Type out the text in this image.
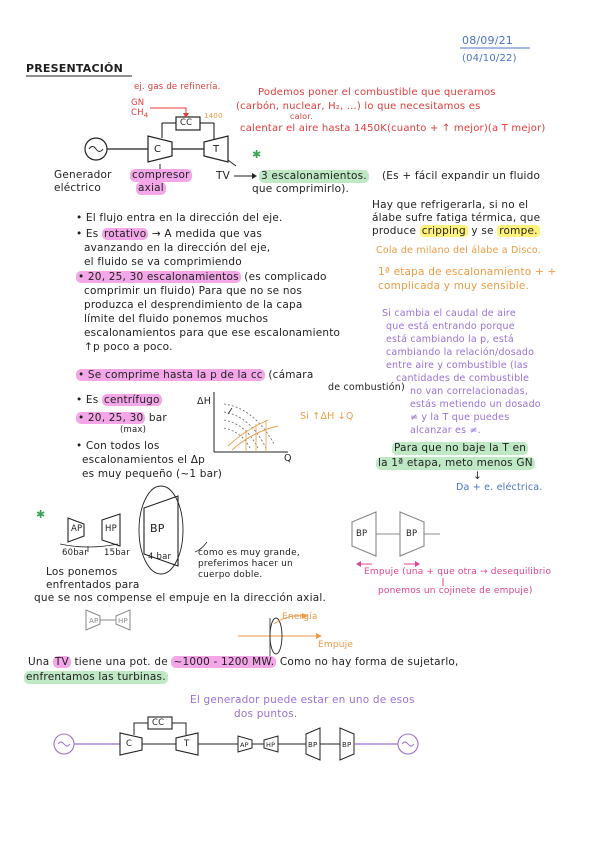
✱
✱
08/09/21
(04/10/22)
PRESENTACIÓN
ej. gas de refinería.
GN
$CH_4$
CC
1400
Podemos poner el combustible que queramos
(carbón, nuclear, H₂, ...) lo que necesitamos es
calor.
calentar el aire hasta 1450K(cuanto + ↑ mejor)(a T mejor)
Generador
eléctrico
C	T
compresor
axial
TV	3 escalonamientos. (Es + fácil expandir un fluido
que comprimirlo).
• El flujo entra en la dirección del eje.
• Es rotativo → A medida que vas
avanzando en la dirección del eje,
el fluido se va comprimiendo
• 20, 25, 30 escalonamientos (es complicado
comprimir un fluido) Para que no se nos
produzca el desprendimiento de la capa
límite del fluido ponemos muchos
escalonamientos para que ese escalonamiento
↑p poco a poco.
• Se comprime hasta la p de la cc (cámara
de combustión)
• Es centrífugo
• 20, 25, 30 bar
(max)
• Con todos los
escalonamientos el Δp
es muy pequeño (~1 bar)
ΔH
Q
Si ↑ΔH ↓Q
Hay que refrigerarla, si no el
álabe sufre fatiga térmica, que
produce cripping y se rompe.
Cola de milano del álabe a Disco.
1ª etapa de escalonamiento + +
complicada y muy sensible.
Si cambia el caudal de aire
que está entrando porque
está cambiando la p, está
cambiando la relación/dosado
entre aire y combustible (las
cantidades de combustible
no van correlacionadas,
estás metiendo un dosado
≠ y la T que puedes
alcanzar es ≠.
Para que no baje la T en
la 1ª etapa, meto menos GN
↓
Da + e. eléctrica.
AP	HP	BP
60bar 15bar 4 bar	como es muy grande,
preferimos hacer un
cuerpo doble.
Los ponemos
enfrentados para
que se nos compense el empuje en la dirección axial.
BP	BP
Empuje (una + que otra → desequilibrio
ponemos un cojinete de empuje)
AP	HP	Energía
Empuje
Una TV tiene una pot. de ~1000 - 1200 MW. Como no hay forma de sujetarlo,
enfrentamos las turbinas.
El generador puede estar en uno de esos
dos puntos.
CC
C	T	AP	HP	BP	BP
